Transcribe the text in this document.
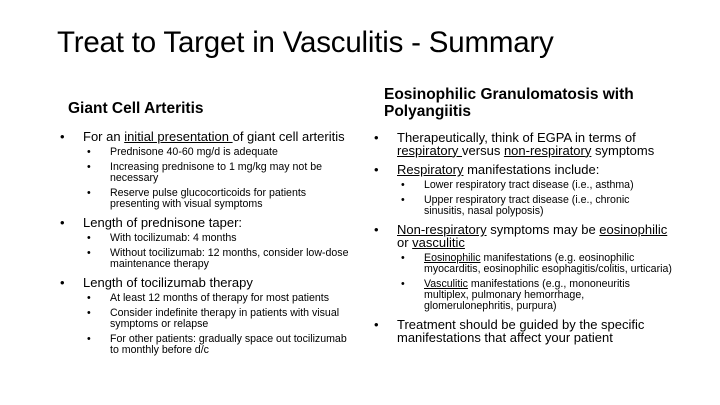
Treat to Target in Vasculitis - Summary
Giant Cell Arteritis
• For an initial presentation of giant cell arteritis
• Prednisone 40-60 mg/d is adequate
• Increasing prednisone to 1 mg/kg may not be necessary
• Reserve pulse glucocorticoids for patients presenting with visual symptoms
• Length of prednisone taper:
• With tocilizumab: 4 months
• Without tocilizumab: 12 months, consider low-dose maintenance therapy
• Length of tocilizumab therapy
• At least 12 months of therapy for most patients
• Consider indefinite therapy in patients with visual symptoms or relapse
• For other patients: gradually space out tocilizumab to monthly before d/c
Eosinophilic Granulomatosis with Polyangiitis
• Therapeutically, think of EGPA in terms of respiratory versus non-respiratory symptoms
• Respiratory manifestations include:
• Lower respiratory tract disease (i.e., asthma)
• Upper respiratory tract disease (i.e., chronic sinusitis, nasal polyposis)
• Non-respiratory symptoms may be eosinophilic or vasculitic
• Eosinophilic manifestations (e.g. eosinophilic myocarditis, eosinophilic esophagitis/colitis, urticaria)
• Vasculitic manifestations (e.g., mononeuritis multiplex, pulmonary hemorrhage, glomerulonephritis, purpura)
• Treatment should be guided by the specific manifestations that affect your patient
